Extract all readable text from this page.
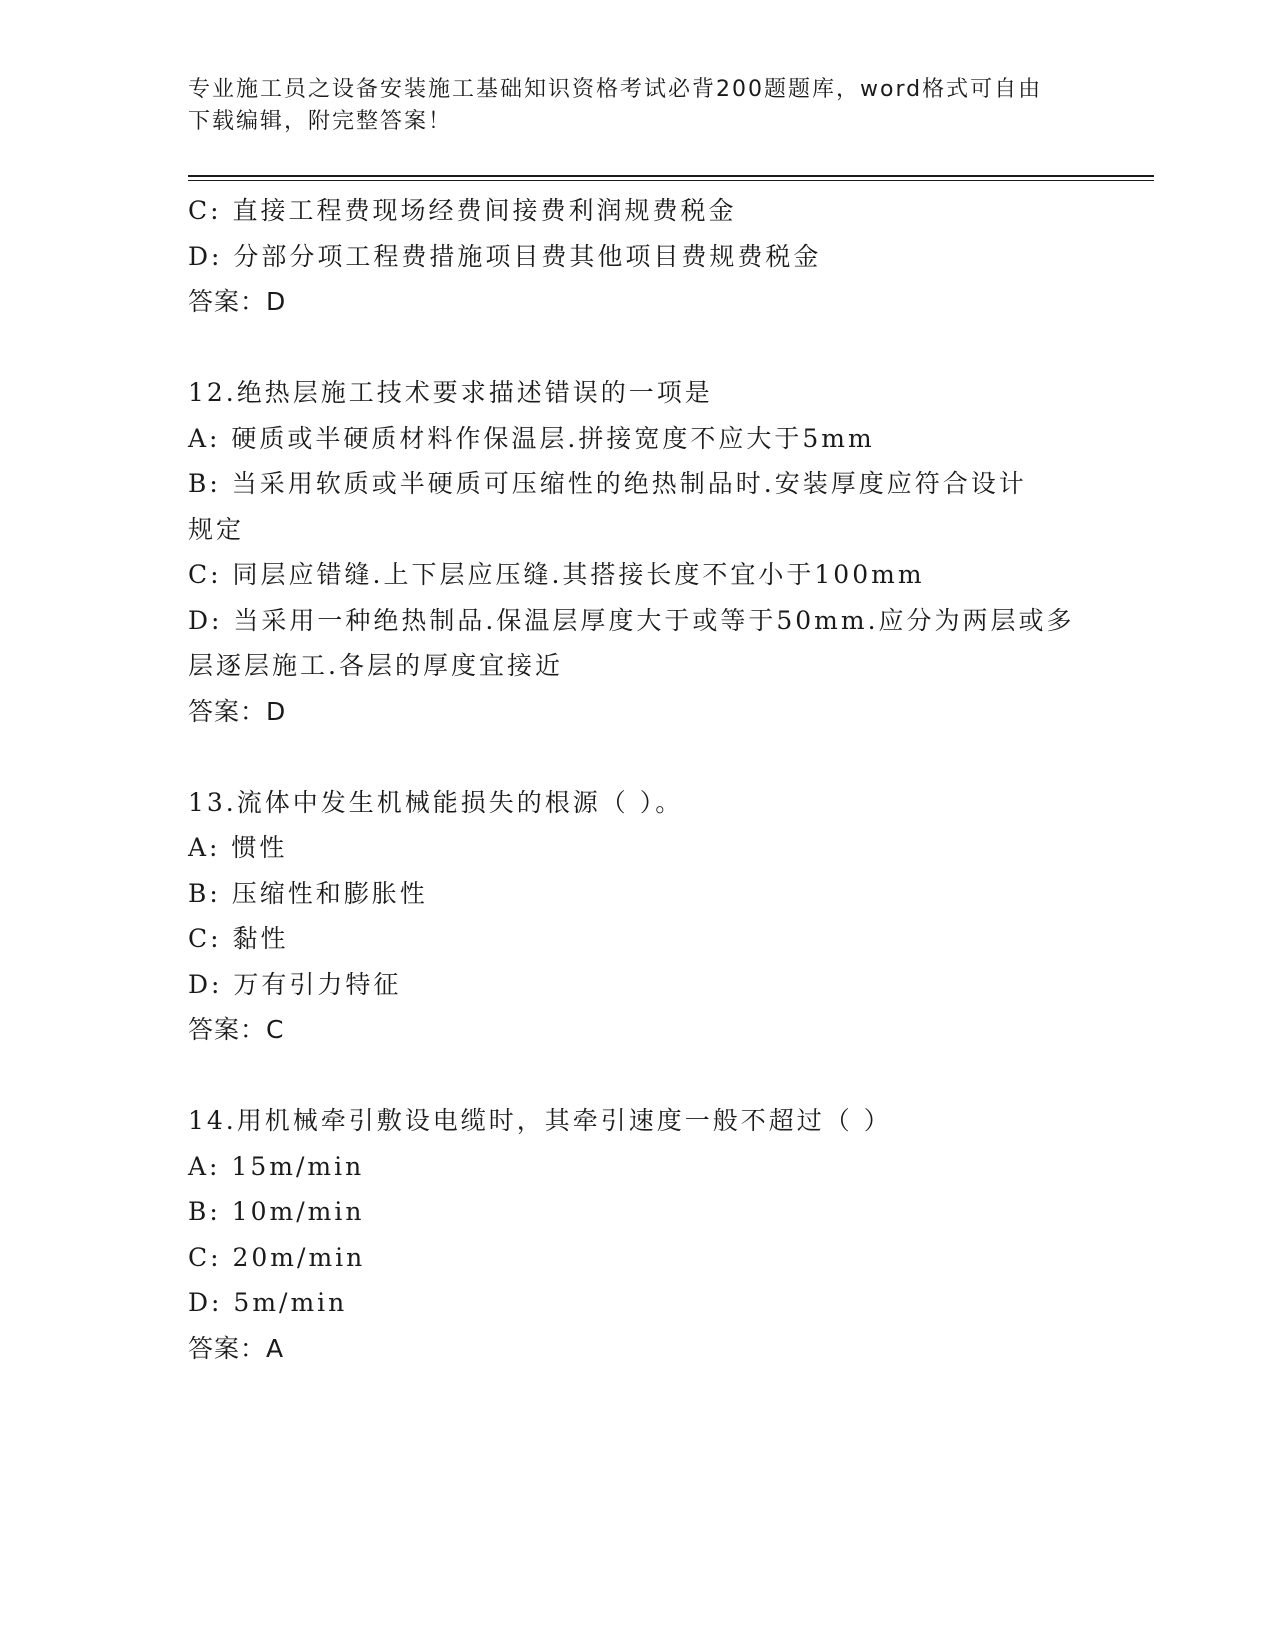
专业施工员之设备安装施工基础知识资格考试必背200题题库，word格式可自由
下载编辑，附完整答案！
C: 直接工程费现场经费间接费利润规费税金
D: 分部分项工程费措施项目费其他项目费规费税金
答案：D
12.绝热层施工技术要求描述错误的一项是
A: 硬质或半硬质材料作保温层.拼接宽度不应大于5mm
B: 当采用软质或半硬质可压缩性的绝热制品时.安装厚度应符合设计
规定
C: 同层应错缝.上下层应压缝.其搭接长度不宜小于100mm
D: 当采用一种绝热制品.保温层厚度大于或等于50mm.应分为两层或多
层逐层施工.各层的厚度宜接近
答案：D
13.流体中发生机械能损失的根源（ ）。
A: 惯性
B: 压缩性和膨胀性
C: 黏性
D: 万有引力特征
答案：C
14.用机械牵引敷设电缆时，其牵引速度一般不超过（ ）
A: 15m/min
B: 10m/min
C: 20m/min
D: 5m/min
答案：A
